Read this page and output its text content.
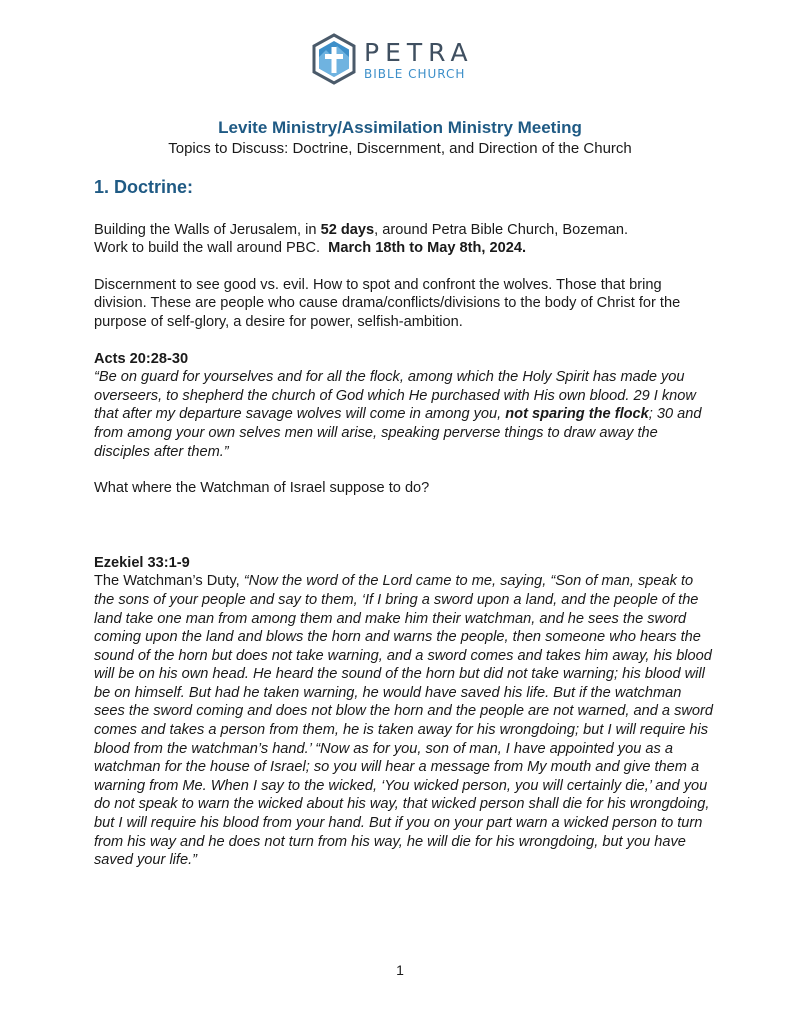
PETRA
BIBLE CHURCH
Levite Ministry/Assimilation Ministry Meeting
Topics to Discuss: Doctrine, Discernment, and Direction of the Church

1. Doctrine:

Building the Walls of Jerusalem, in 52 days, around Petra Bible Church, Bozeman.
Work to build the wall around PBC.  March 18th to May 8th, 2024.

Discernment to see good vs. evil. How to spot and confront the wolves. Those that bring division. These are people who cause drama/conflicts/divisions to the body of Christ for the purpose of self-glory, a desire for power, selfish-ambition.

Acts 20:28-30

“Be on guard for yourselves and for all the flock, among which the Holy Spirit has made you overseers, to shepherd the church of God which He purchased with His own blood. 29 I know that after my departure savage wolves will come in among you, not sparing the flock; 30 and from among your own selves men will arise, speaking perverse things to draw away the disciples after them.”

What where the Watchman of Israel suppose to do?

Ezekiel 33:1-9

The Watchman’s Duty, “Now the word of the Lord came to me, saying, “Son of man, speak to the sons of your people and say to them, ‘If I bring a sword upon a land, and the people of the land take one man from among them and make him their watchman, and he sees the sword coming upon the land and blows the horn and warns the people, then someone who hears the sound of the horn but does not take warning, and a sword comes and takes him away, his blood will be on his own head. He heard the sound of the horn but did not take warning; his blood will be on himself. But had he taken warning, he would have saved his life. But if the watchman sees the sword coming and does not blow the horn and the people are not warned, and a sword comes and takes a person from them, he is taken away for his wrongdoing; but I will require his blood from the watchman’s hand.’ “Now as for you, son of man, I have appointed you as a watchman for the house of Israel; so you will hear a message from My mouth and give them a warning from Me. When I say to the wicked, ‘You wicked person, you will certainly die,’ and you do not speak to warn the wicked about his way, that wicked person shall die for his wrongdoing, but I will require his blood from your hand. But if you on your part warn a wicked person to turn from his way and he does not turn from his way, he will die for his wrongdoing, but you have saved your life.”

1
